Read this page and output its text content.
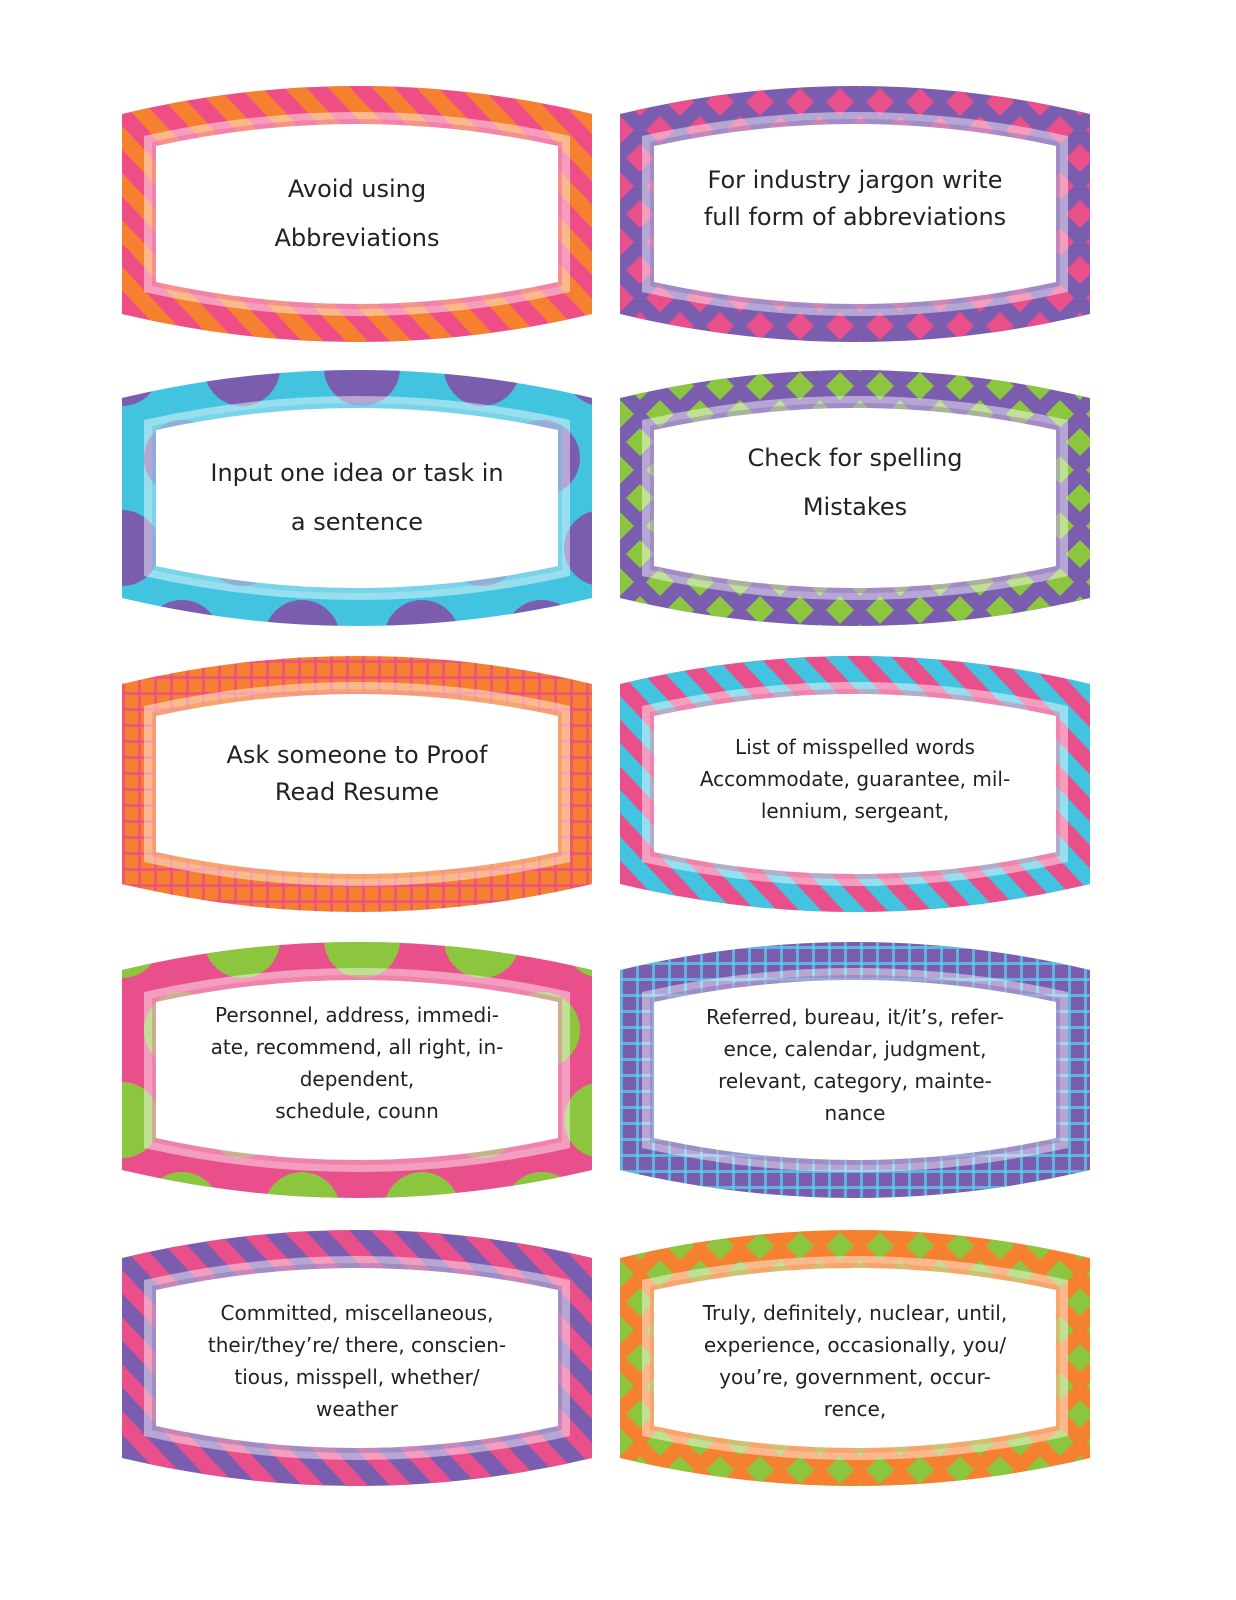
Avoid using

Abbreviations

For industry jargon write

full form of abbreviations

Input one idea or task in

a sentence

Check for spelling

Mistakes

Ask someone to Proof

Read Resume

List of misspelled words

Accommodate, guarantee, mil-

lennium, sergeant,

Personnel, address, immedi-

ate, recommend, all right, in-

dependent,

schedule, counn

Referred, bureau, it/it’s, refer-

ence, calendar, judgment,

relevant, category, mainte-

nance

Committed, miscellaneous,

their/they’re/ there, conscien-

tious, misspell, whether/

weather

Truly, definitely, nuclear, until,

experience, occasionally, you/

you’re, government, occur-

rence,
